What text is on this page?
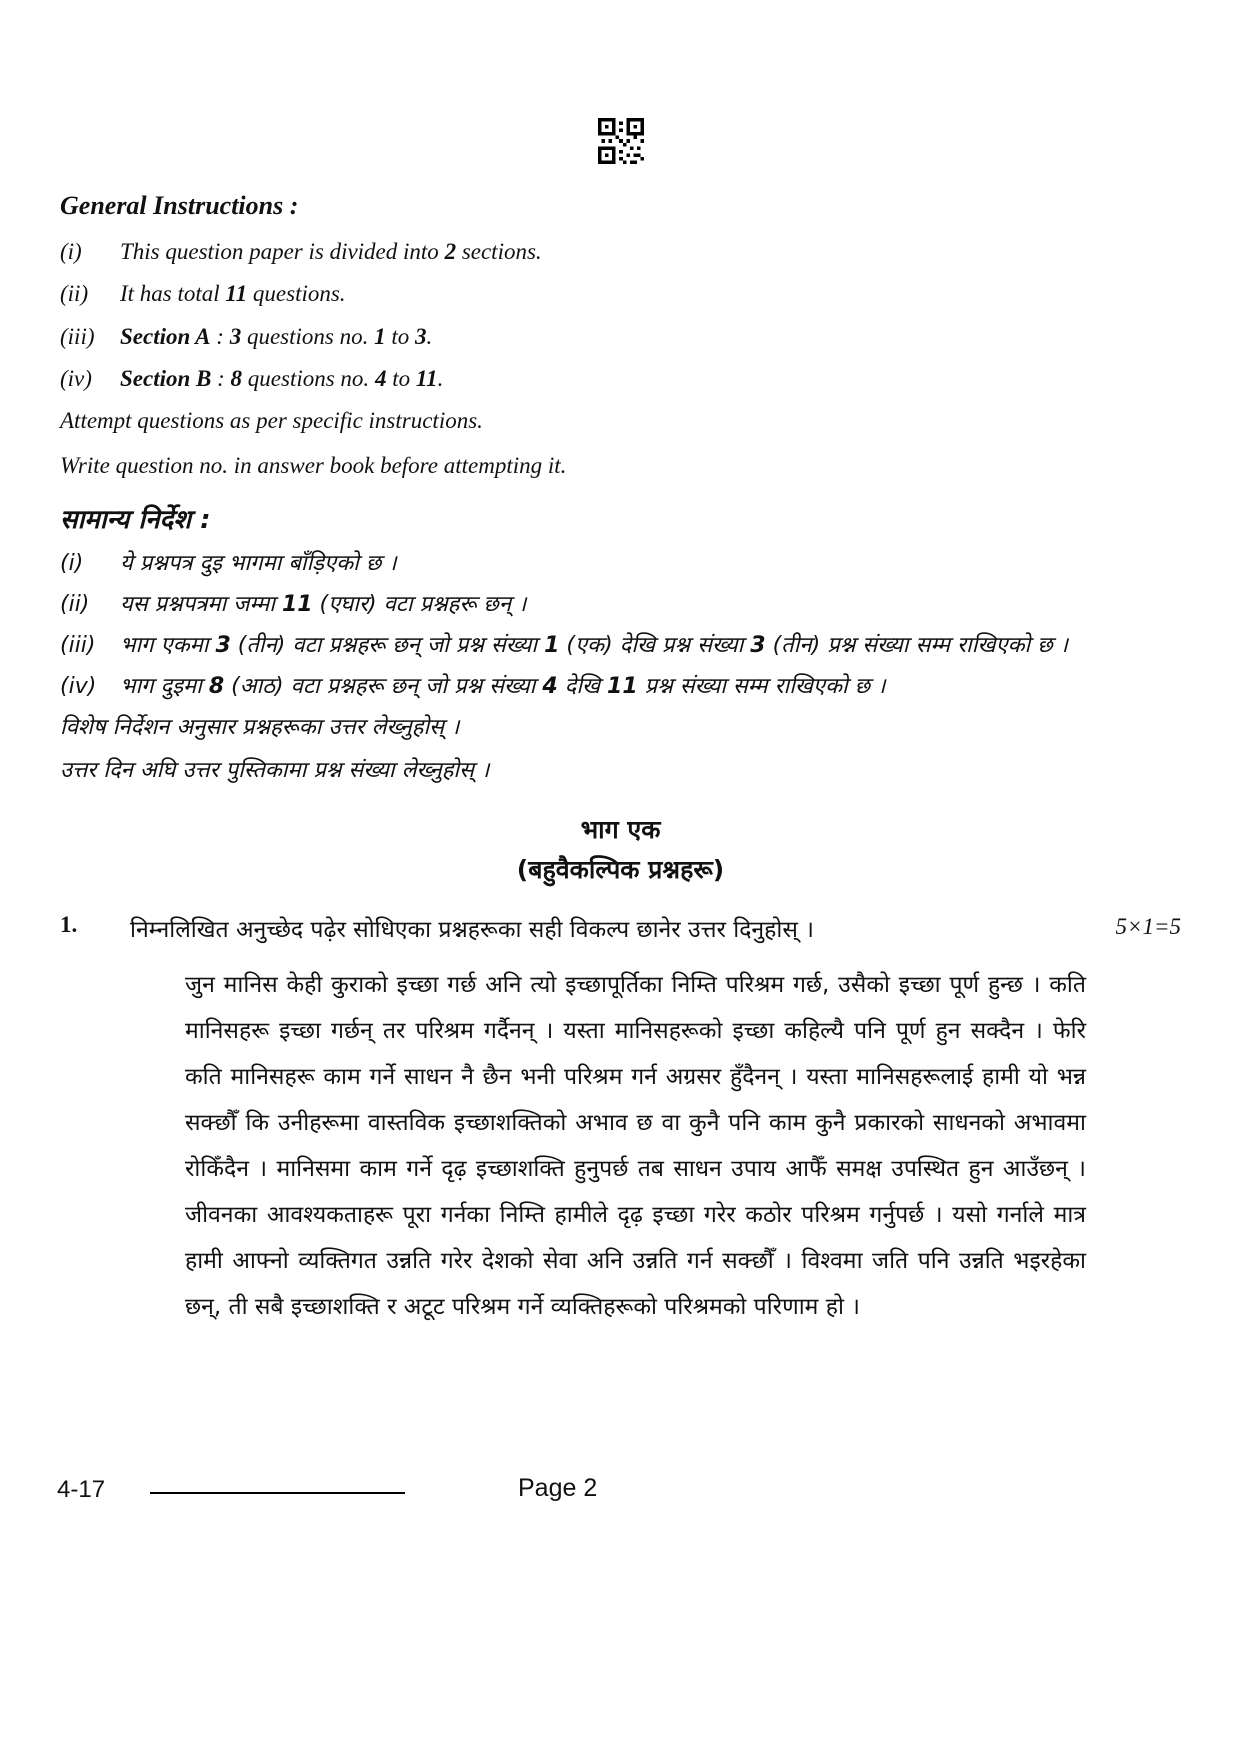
General Instructions :
(i)	This question paper is divided into 2 sections.
(ii)	It has total 11 questions.
(iii)	Section A : 3 questions no. 1 to 3.
(iv)	Section B : 8 questions no. 4 to 11.
Attempt questions as per specific instructions.
Write question no. in answer book before attempting it.
सामान्य निर्देश :
(i)	ये प्रश्नपत्र दुइ भागमा बाँड़िएको छ ।
(ii)	यस प्रश्नपत्रमा जम्मा 11 (एघार) वटा प्रश्नहरू छन् ।
(iii)	भाग एकमा 3 (तीन) वटा प्रश्नहरू छन् जो प्रश्न संख्या 1 (एक) देखि प्रश्न संख्या 3 (तीन) प्रश्न संख्या सम्म राखिएको छ ।
(iv)	भाग दुइमा 8 (आठ) वटा प्रश्नहरू छन् जो प्रश्न संख्या 4 देखि 11 प्रश्न संख्या सम्म राखिएको छ ।
विशेष निर्देशन अनुसार प्रश्नहरूका उत्तर लेख्नुहोस् ।
उत्तर दिन अघि उत्तर पुस्तिकामा प्रश्न संख्या लेख्नुहोस् ।
भाग एक
(बहुवैकल्पिक प्रश्नहरू)
1.	निम्नलिखित अनुच्छेद पढ़ेर सोधिएका प्रश्नहरूका सही विकल्प छानेर उत्तर दिनुहोस् ।	5×1=5
जुन मानिस केही कुराको इच्छा गर्छ अनि त्यो इच्छापूर्तिका निम्ति परिश्रम गर्छ, उसैको इच्छा पूर्ण हुन्छ । कति मानिसहरू इच्छा गर्छन् तर परिश्रम गर्दैनन् । यस्ता मानिसहरूको इच्छा कहिल्यै पनि पूर्ण हुन सक्दैन । फेरि कति मानिसहरू काम गर्ने साधन नै छैन भनी परिश्रम गर्न अग्रसर हुँदैनन् । यस्ता मानिसहरूलाई हामी यो भन्न सक्छौँ कि उनीहरूमा वास्तविक इच्छाशक्तिको अभाव छ वा कुनै पनि काम कुनै प्रकारको साधनको अभावमा रोकिँदैन । मानिसमा काम गर्ने दृढ़ इच्छाशक्ति हुनुपर्छ तब साधन उपाय आफैँ समक्ष उपस्थित हुन आउँछन् । जीवनका आवश्यकताहरू पूरा गर्नका निम्ति हामीले दृढ़ इच्छा गरेर कठोर परिश्रम गर्नुपर्छ । यसो गर्नाले मात्र हामी आफ्नो व्यक्तिगत उन्नति गरेर देशको सेवा अनि उन्नति गर्न सक्छौँ । विश्वमा जति पनि उन्नति भइरहेका छन्, ती सबै इच्छाशक्ति र अटूट परिश्रम गर्ने व्यक्तिहरूको परिश्रमको परिणाम हो ।
4-17	Page 2
